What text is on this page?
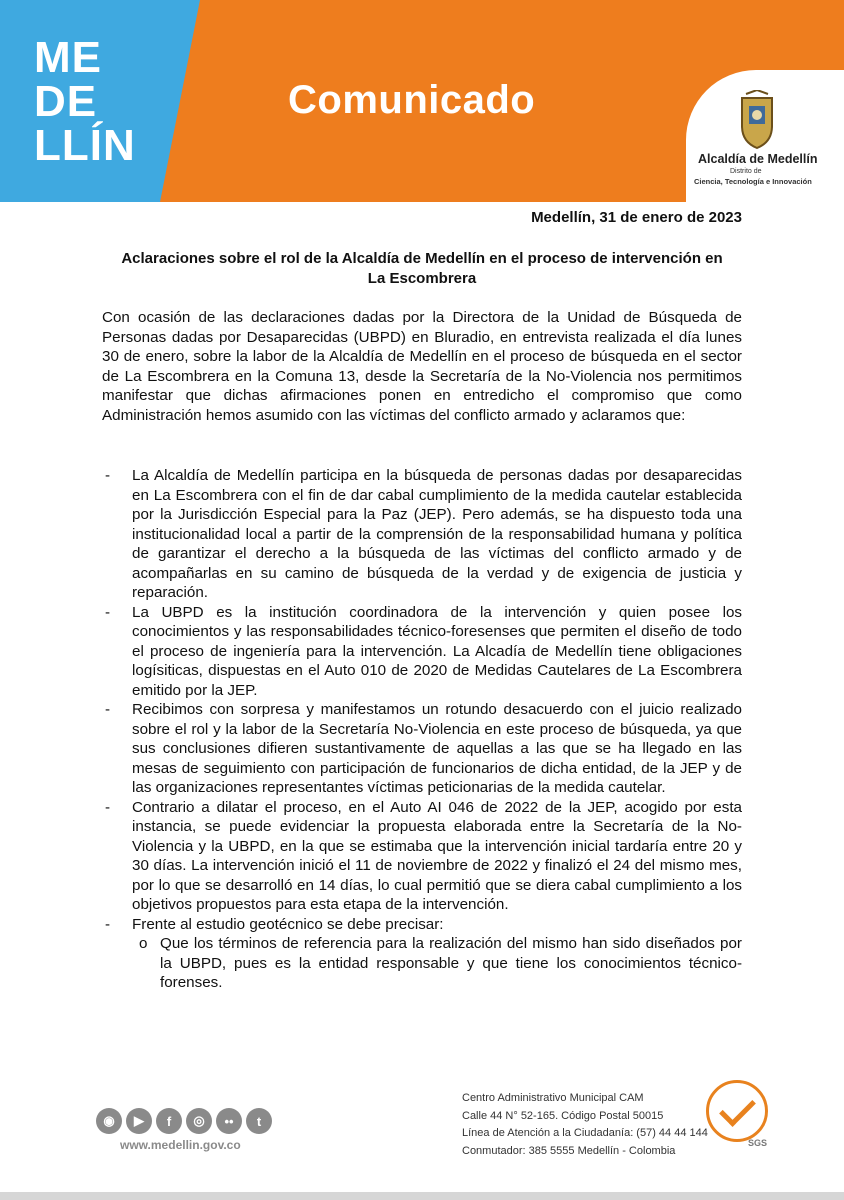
ME
DE
LLÍN
Comunicado
Alcaldía de Medellín
Distrito de
Ciencia, Tecnología e Innovación
Medellín, 31 de enero de 2023
Aclaraciones sobre el rol de la Alcaldía de Medellín en el proceso de intervención en La Escombrera
Con ocasión de las declaraciones dadas por la Directora de la Unidad de Búsqueda de Personas dadas por Desaparecidas (UBPD) en Bluradio, en entrevista realizada el día lunes 30 de enero, sobre la labor de la Alcaldía de Medellín en el proceso de búsqueda en el sector de La Escombrera en la Comuna 13, desde la Secretaría de la No-Violencia nos permitimos manifestar que dichas afirmaciones ponen en entredicho el compromiso que como Administración hemos asumido con las víctimas del conflicto armado y aclaramos que:
- La Alcaldía de Medellín participa en la búsqueda de personas dadas por desaparecidas en La Escombrera con el fin de dar cabal cumplimiento de la medida cautelar establecida por la Jurisdicción Especial para la Paz (JEP). Pero además, se ha dispuesto toda una institucionalidad local a partir de la comprensión de la responsabilidad humana y política de garantizar el derecho a la búsqueda de las víctimas del conflicto armado y de acompañarlas en su camino de búsqueda de la verdad y de exigencia de justicia y reparación.
- La UBPD es la institución coordinadora de la intervención y quien posee los conocimientos y las responsabilidades técnico-foresenses que permiten el diseño de todo el proceso de ingeniería para la intervención. La Alcadía de Medellín tiene obligaciones logísiticas, dispuestas en el Auto 010 de 2020 de Medidas Cautelares de La Escombrera emitido por la JEP.
- Recibimos con sorpresa y manifestamos un rotundo desacuerdo con el juicio realizado sobre el rol y la labor de la Secretaría No-Violencia en este proceso de búsqueda, ya que sus conclusiones difieren sustantivamente de aquellas a las que se ha llegado en las mesas de seguimiento con participación de funcionarios de dicha entidad, de la JEP y de las organizaciones representantes víctimas peticionarias de la medida cautelar.
- Contrario a dilatar el proceso, en el Auto AI 046 de 2022 de la JEP, acogido por esta instancia, se puede evidenciar la propuesta elaborada entre la Secretaría de la No-Violencia y la UBPD, en la que se estimaba que la intervención inicial tardaría entre 20 y 30 días. La intervención inició el 11 de noviembre de 2022 y finalizó el 24 del mismo mes, por lo que se desarrolló en 14 días, lo cual permitió que se diera cabal cumplimiento a los objetivos propuestos para esta etapa de la intervención.
- Frente al estudio geotécnico se debe precisar:
o Que los términos de referencia para la realización del mismo han sido diseñados por la UBPD, pues es la entidad responsable y que tiene los conocimientos técnico-forenses.
◉	▶	f	◎	••	t
www.medellin.gov.co
Centro Administrativo Municipal CAM
Calle 44 N° 52-165. Código Postal 50015
Línea de Atención a la Ciudadanía: (57) 44 44 144
Conmutador: 385 5555 Medellín - Colombia
SGS
